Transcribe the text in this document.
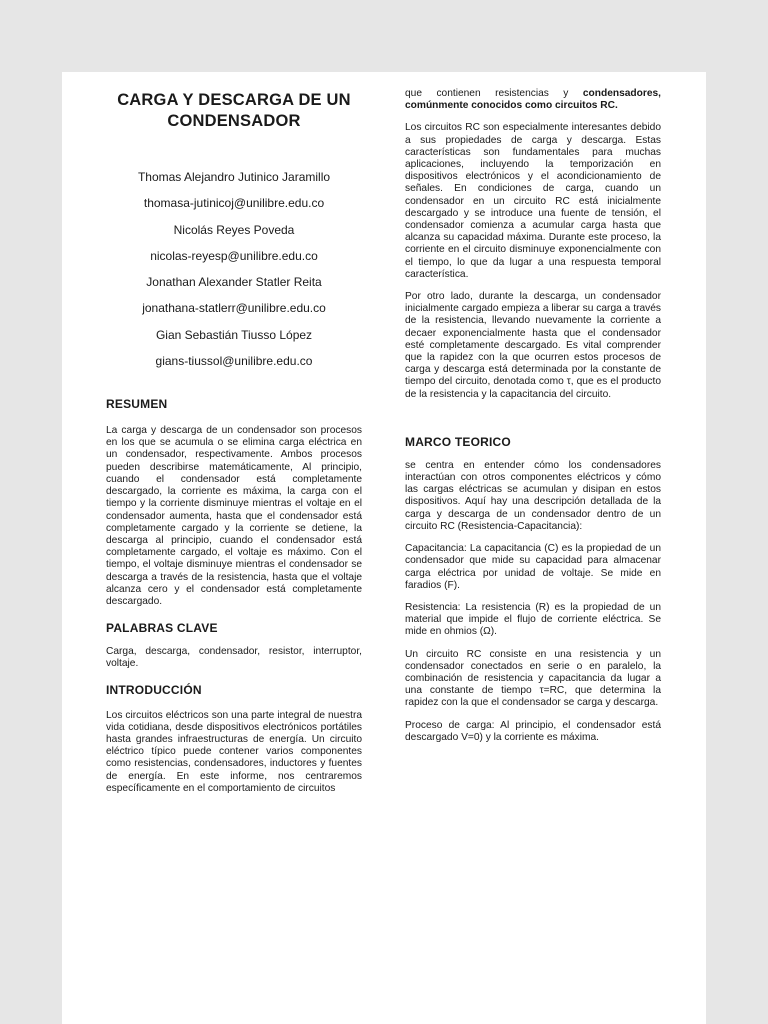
CARGA Y DESCARGA DE UN CONDENSADOR
Thomas Alejandro Jutinico Jaramillo
thomasa-jutinicoj@unilibre.edu.co
Nicolás Reyes Poveda
nicolas-reyesp@unilibre.edu.co
Jonathan Alexander Statler Reita
jonathana-statlerr@unilibre.edu.co
Gian Sebastián Tiusso López
gians-tiussol@unilibre.edu.co
RESUMEN

La carga y descarga de un condensador son procesos en los que se acumula o se elimina carga eléctrica en un condensador, respectivamente. Ambos procesos pueden describirse matemáticamente, Al principio, cuando el condensador está completamente descargado, la corriente es máxima, la carga con el tiempo y la corriente disminuye mientras el voltaje en el condensador aumenta, hasta que el condensador está completamente cargado y la corriente se detiene, la descarga al principio, cuando el condensador está completamente cargado, el voltaje es máximo. Con el tiempo, el voltaje disminuye mientras el condensador se descarga a través de la resistencia, hasta que el voltaje alcanza cero y el condensador está completamente descargado.

PALABRAS CLAVE

Carga, descarga, condensador, resistor, interruptor, voltaje.

INTRODUCCIÓN

Los circuitos eléctricos son una parte integral de nuestra vida cotidiana, desde dispositivos electrónicos portátiles hasta grandes infraestructuras de energía. Un circuito eléctrico típico puede contener varios componentes como resistencias, condensadores, inductores y fuentes de energía. En este informe, nos centraremos específicamente en el comportamiento de circuitos

que contienen resistencias y condensadores, comúnmente conocidos como circuitos RC.

Los circuitos RC son especialmente interesantes debido a sus propiedades de carga y descarga. Estas características son fundamentales para muchas aplicaciones, incluyendo la temporización en dispositivos electrónicos y el acondicionamiento de señales. En condiciones de carga, cuando un condensador en un circuito RC está inicialmente descargado y se introduce una fuente de tensión, el condensador comienza a acumular carga hasta que alcanza su capacidad máxima. Durante este proceso, la corriente en el circuito disminuye exponencialmente con el tiempo, lo que da lugar a una respuesta temporal característica.

Por otro lado, durante la descarga, un condensador inicialmente cargado empieza a liberar su carga a través de la resistencia, llevando nuevamente la corriente a decaer exponencialmente hasta que el condensador esté completamente descargado. Es vital comprender que la rapidez con la que ocurren estos procesos de carga y descarga está determinada por la constante de tiempo del circuito, denotada como τ, que es el producto de la resistencia y la capacitancia del circuito.

MARCO TEORICO

se centra en entender cómo los condensadores interactúan con otros componentes eléctricos y cómo las cargas eléctricas se acumulan y disipan en estos dispositivos. Aquí hay una descripción detallada de la carga y descarga de un condensador dentro de un circuito RC (Resistencia-Capacitancia):

Capacitancia: La capacitancia (C) es la propiedad de un condensador que mide su capacidad para almacenar carga eléctrica por unidad de voltaje. Se mide en faradios (F).

Resistencia: La resistencia (R) es la propiedad de un material que impide el flujo de corriente eléctrica. Se mide en ohmios (Ω).

Un circuito RC consiste en una resistencia y un condensador conectados en serie o en paralelo, la combinación de resistencia y capacitancia da lugar a una constante de tiempo τ=RC, que determina la rapidez con la que el condensador se carga y descarga.

Proceso de carga: Al principio, el condensador está descargado V=0) y la corriente es máxima.
